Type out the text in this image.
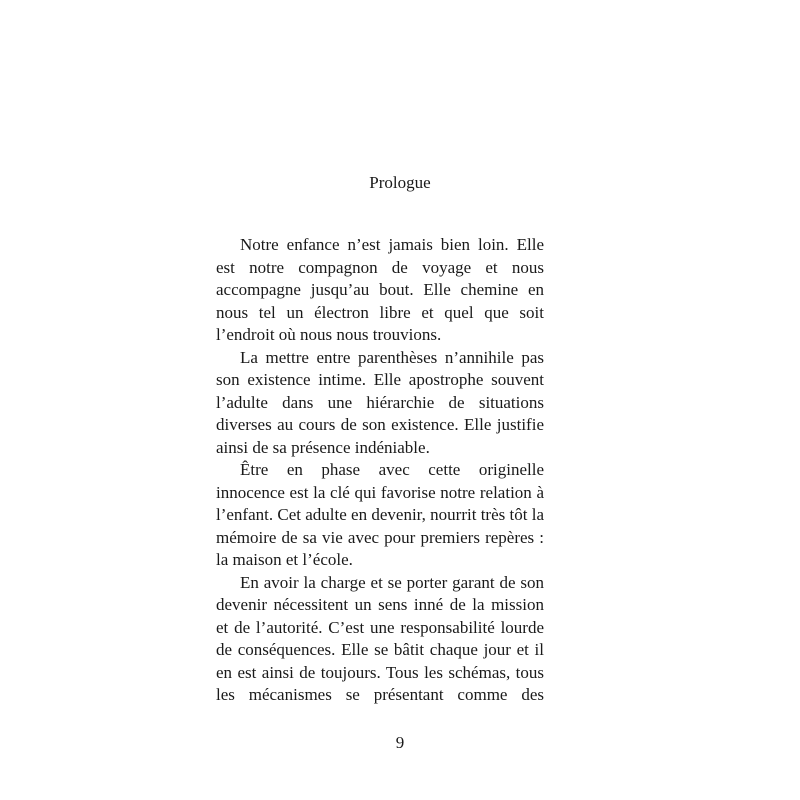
Prologue

Notre enfance n’est jamais bien loin. Elle est notre compagnon de voyage et nous accompagne jusqu’au bout. Elle chemine en nous tel un électron libre et quel que soit l’endroit où nous nous trouvions.

La mettre entre parenthèses n’annihile pas son existence intime. Elle apostrophe souvent l’adulte dans une hiérarchie de situations diverses au cours de son existence. Elle justifie ainsi de sa présence indéniable.

Être en phase avec cette originelle innocence est la clé qui favorise notre relation à l’enfant. Cet adulte en devenir, nourrit très tôt la mémoire de sa vie avec pour premiers repères : la maison et l’école.

En avoir la charge et se porter garant de son devenir nécessitent un sens inné de la mission et de l’autorité. C’est une responsabilité lourde de conséquences. Elle se bâtit chaque jour et il en est ainsi de toujours. Tous les schémas, tous les mécanismes se présentant comme des

9
